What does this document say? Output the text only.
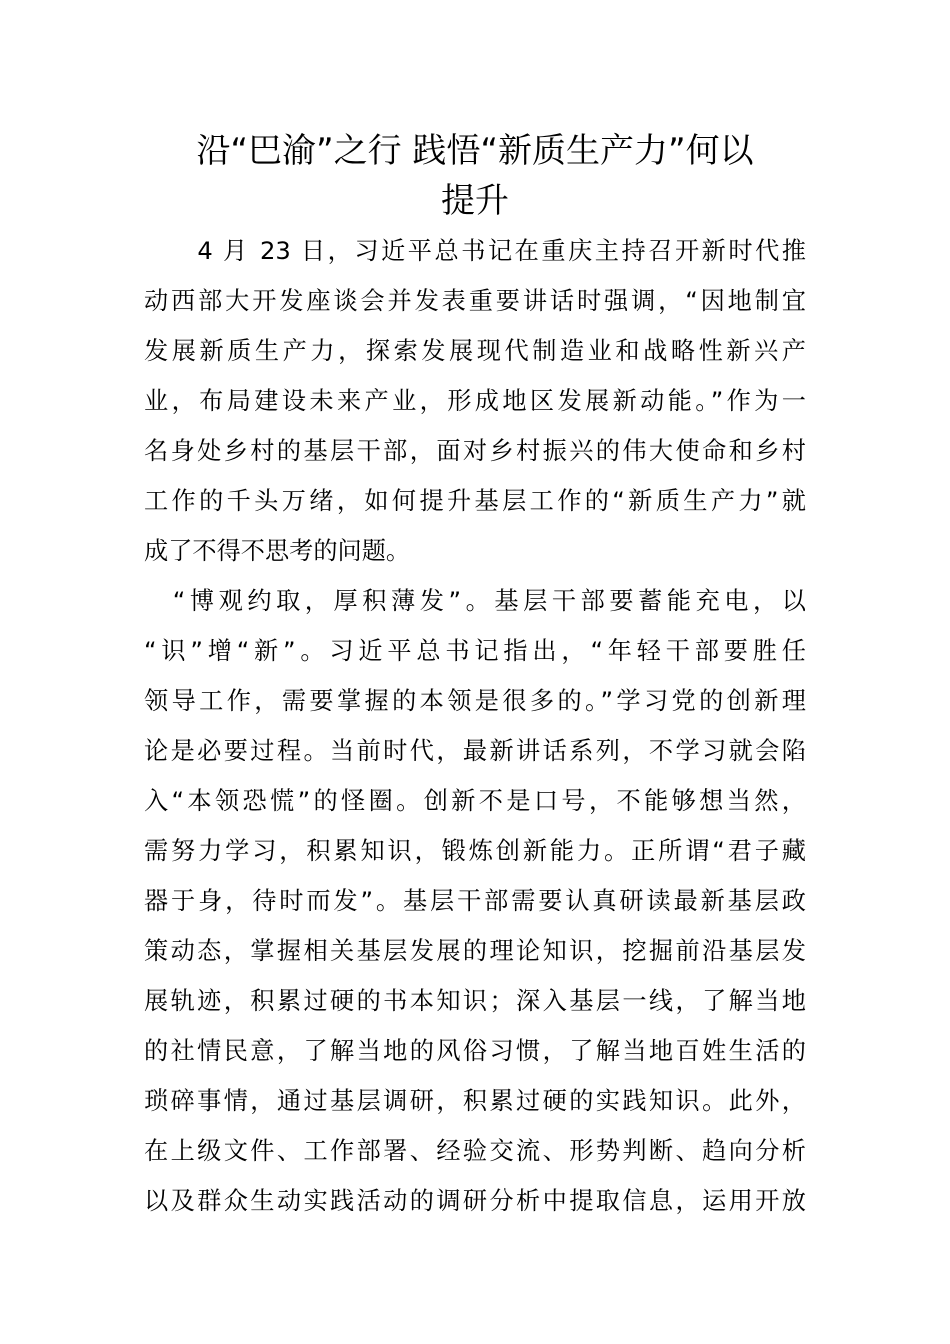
沿“巴渝”之行 践悟“新质生产力”何以
提升

　　4 月 23 日，习近平总书记在重庆主持召开新时代推
动西部大开发座谈会并发表重要讲话时强调，“因地制宜
发展新质生产力，探索发展现代制造业和战略性新兴产
业，布局建设未来产业，形成地区发展新动能。”作为一
名身处乡村的基层干部，面对乡村振兴的伟大使命和乡村
工作的千头万绪，如何提升基层工作的“新质生产力”就
成了不得不思考的问题。

　“博观约取，厚积薄发”。基层干部要蓄能充电，以
“识”增“新”。习近平总书记指出，“年轻干部要胜任
领导工作，需要掌握的本领是很多的。”学习党的创新理
论是必要过程。当前时代，最新讲话系列，不学习就会陷
入“本领恐慌”的怪圈。创新不是口号，不能够想当然，
需努力学习，积累知识，锻炼创新能力。正所谓“君子藏
器于身，待时而发”。基层干部需要认真研读最新基层政
策动态，掌握相关基层发展的理论知识，挖掘前沿基层发
展轨迹，积累过硬的书本知识；深入基层一线，了解当地
的社情民意，了解当地的风俗习惯，了解当地百姓生活的
琐碎事情，通过基层调研，积累过硬的实践知识。此外，
在上级文件、工作部署、经验交流、形势判断、趋向分析
以及群众生动实践活动的调研分析中提取信息，运用开放
